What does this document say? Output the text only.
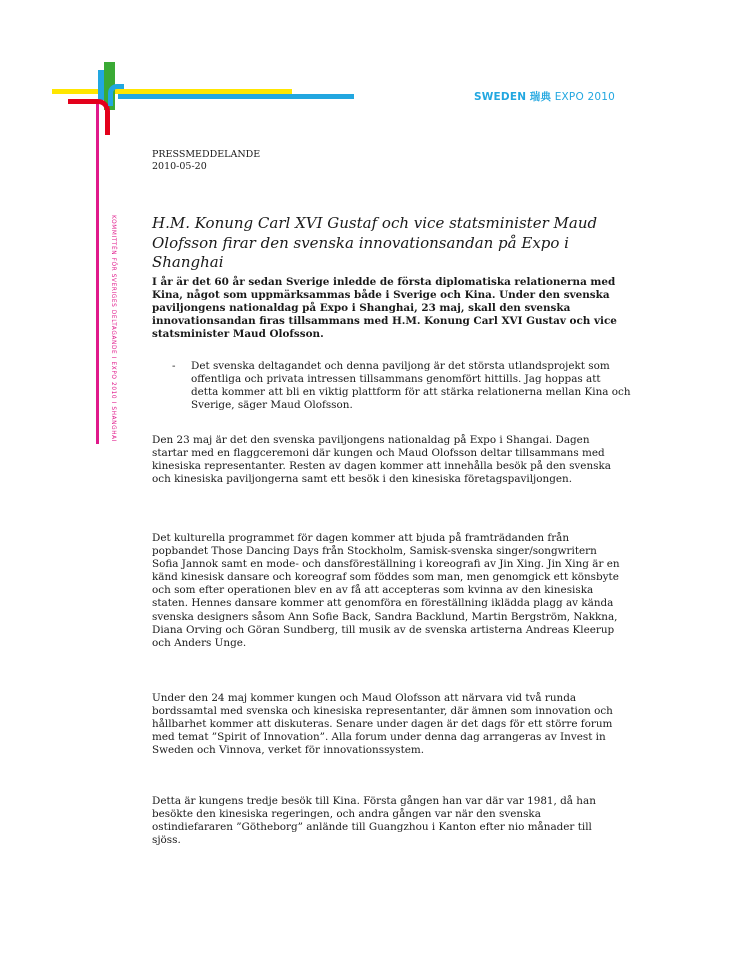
SWEDEN 瑞典 EXPO 2010
KOMMITTÉN FÖR SVERIGES DELTAGANDE I EXPO 2010 I SHANGHAI
PRESSMEDDELANDE
2010-05-20
H.M. Konung Carl XVI Gustaf och vice statsminister Maud Olofsson firar den svenska innovationsandan på Expo i Shanghai

I år är det 60 år sedan Sverige inledde de första diplomatiska relationerna med Kina, något som uppmärksammas både i Sverige och Kina. Under den svenska paviljongens nationaldag på Expo i Shanghai, 23 maj, skall den svenska innovationsandan firas tillsammans med H.M. Konung Carl XVI Gustav och vice statsminister Maud Olofsson.

- Det svenska deltagandet och denna paviljong är det största utlandsprojekt som offentliga och privata intressen tillsammans genomfört hittills. Jag hoppas att detta kommer att bli en viktig plattform för att stärka relationerna mellan Kina och Sverige, säger Maud Olofsson.

Den 23 maj är det den svenska paviljongens nationaldag på Expo i Shangai. Dagen startar med en flaggceremoni där kungen och Maud Olofsson deltar tillsammans med kinesiska representanter. Resten av dagen kommer att innehålla besök på den svenska och kinesiska paviljongerna samt ett besök i den kinesiska företagspaviljongen.

Det kulturella programmet för dagen kommer att bjuda på framträdanden från popbandet Those Dancing Days från Stockholm, Samisk-svenska singer/songwritern Sofia Jannok samt en mode- och dansföreställning i koreografi av Jin Xing. Jin Xing är en känd kinesisk dansare och koreograf som föddes som man, men genomgick ett könsbyte och som efter operationen blev en av få att accepteras som kvinna av den kinesiska staten. Hennes dansare kommer att genomföra en föreställning iklädda plagg av kända svenska designers såsom Ann Sofie Back, Sandra Backlund, Martin Bergström, Nakkna, Diana Orving och Göran Sundberg, till musik av de svenska artisterna Andreas Kleerup och Anders Unge.

Under den 24 maj kommer kungen och Maud Olofsson att närvara vid två runda bordssamtal med svenska och kinesiska representanter, där ämnen som innovation och hållbarhet kommer att diskuteras. Senare under dagen är det dags för ett större forum med temat ”Spirit of Innovation”. Alla forum under denna dag arrangeras av Invest in Sweden och Vinnova, verket för innovationssystem.

Detta är kungens tredje besök till Kina. Första gången han var där var 1981, då han besökte den kinesiska regeringen, och andra gången var när den svenska ostindiefararen ”Götheborg” anlände till Guangzhou i Kanton efter nio månader till sjöss.
